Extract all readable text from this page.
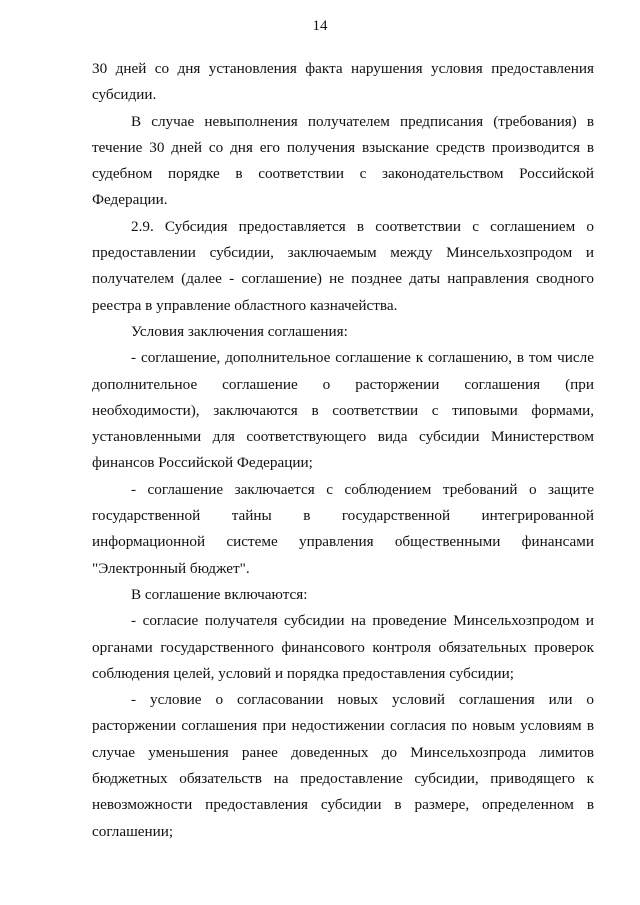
14

30 дней со дня установления факта нарушения условия предоставления субсидии.

В случае невыполнения получателем предписания (требования) в течение 30 дней со дня его получения взыскание средств производится в судебном порядке в соответствии с законодательством Российской Федерации.

2.9. Субсидия предоставляется в соответствии с соглашением о предоставлении субсидии, заключаемым между Минсельхозпродом и получателем (далее - соглашение) не позднее даты направления сводного реестра в управление областного казначейства.

Условия заключения соглашения:

- соглашение, дополнительное соглашение к соглашению, в том числе дополнительное соглашение о расторжении соглашения (при необходимости), заключаются в соответствии с типовыми формами, установленными для соответствующего вида субсидии Министерством финансов Российской Федерации;

- соглашение заключается с соблюдением требований о защите государственной тайны в государственной интегрированной информационной системе управления общественными финансами "Электронный бюджет".

В соглашение включаются:

- согласие получателя субсидии на проведение Минсельхозпродом и органами государственного финансового контроля обязательных проверок соблюдения целей, условий и порядка предоставления субсидии;

- условие о согласовании новых условий соглашения или о расторжении соглашения при недостижении согласия по новым условиям в случае уменьшения ранее доведенных до Минсельхозпрода лимитов бюджетных обязательств на предоставление субсидии, приводящего к невозможности предоставления субсидии в размере, определенном в соглашении;
